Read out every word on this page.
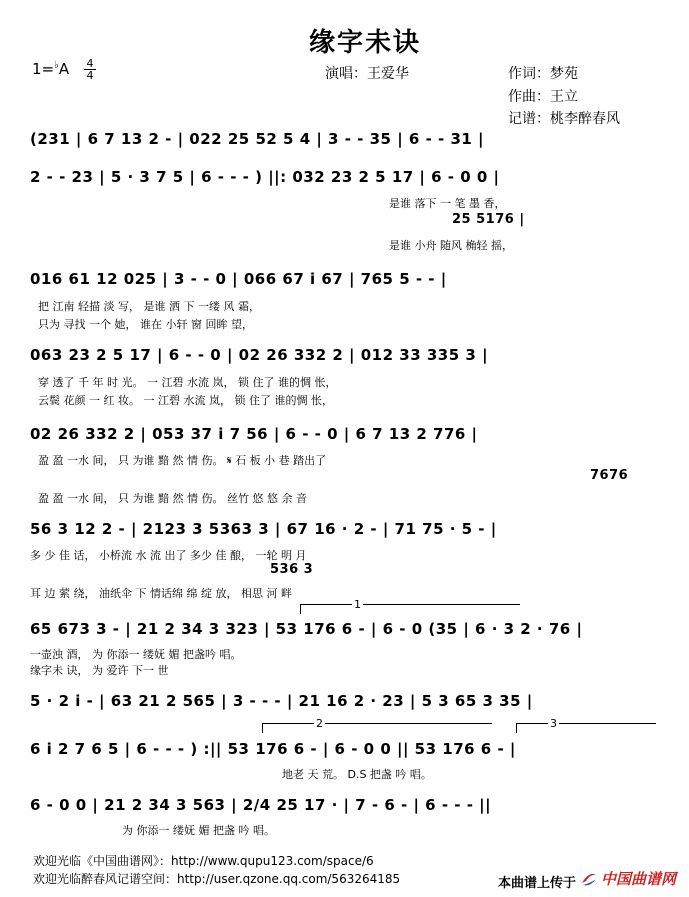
缘字未诀
1=♭A 4
4	演唱：王爱华	作词：梦苑
作曲：王立
记谱：桃李醉春风
(231 | 6 7 13 2 - | 022 25 52 5 4 | 3 - - 35 | 6 - - 31 |
2 - - 23 | 5 · 3 7 5 | 6 - - - ) ||: 032 23 2 5 17 | 6 - 0 0 |
是谁 落下 一 笔 墨 香，
25 5176 |
是谁 小舟 随风 桷轻 摇，
016 61 12 025 | 3 - - 0 | 066 67 i 67 | 765 5 - - |
把 江南 轻描 淡 写， 是谁 洒 下 一缕 风 霜，
只为 寻找 一个 她， 谁在 小轩 窗 回眸 望，
063 23 2 5 17 | 6 - - 0 | 02 26 332 2 | 012 33 335 3 |
穿 透了 千 年 时 光。 一 江碧 水流 岚， 锁 住了 谁的惆 怅，
云鬓 花颜 一 红 妆。 一 江碧 水流 岚， 锁 住了 谁的惆 怅，
02 26 332 2 | 053 37 i 7 56 | 6 - - 0 | 6 7 13 2 776 |
盈 盈 一水 间， 只 为谁 黯 然 情 伤。 𝄋 石 板 小 巷 踏出了
7676
盈 盈 一水 间， 只 为谁 黯 然 情 伤。 丝竹 悠 悠 余 音
56 3 12 2 - | 2123 3 5363 3 | 67 16 · 2 - | 71 75 · 5 - |
多 少 佳 话， 小桥流 水 流 出了 多少 佳 酿， 一轮 明 月
536 3
耳 边 萦 绕， 油纸伞 下 情话绵 绵 绽 放， 相思 河 畔
1
65 673 3 - | 21 2 34 3 323 | 53 176 6 - | 6 - 0 (35 | 6 · 3 2 · 76 |
一壶浊 酒， 为 你添一 缕妩 媚 把盏吟 唱。
缘字未 诀， 为 爱许 下一 世
5 · 2 i - | 63 21 2 565 | 3 - - - | 21 16 2 · 23 | 5 3 65 3 35 |
2	3
6 i 2 7 6 5 | 6 - - - ) :|| 53 176 6 - | 6 - 0 0 || 53 176 6 - |
地老 天 荒。 D.S 把盏 吟 唱。
6 - 0 0 | 21 2 34 3 563 | 2/4 25 17 · | 7 - 6 - | 6 - - - ||
为 你添一 缕妩 媚 把盏 吟 唱。
欢迎光临《中国曲谱网》：http://www.qupu123.com/space/6
欢迎光临醉春风记谱空间：http://user.qzone.qq.com/563264185	本曲谱上传于 中国曲谱网
